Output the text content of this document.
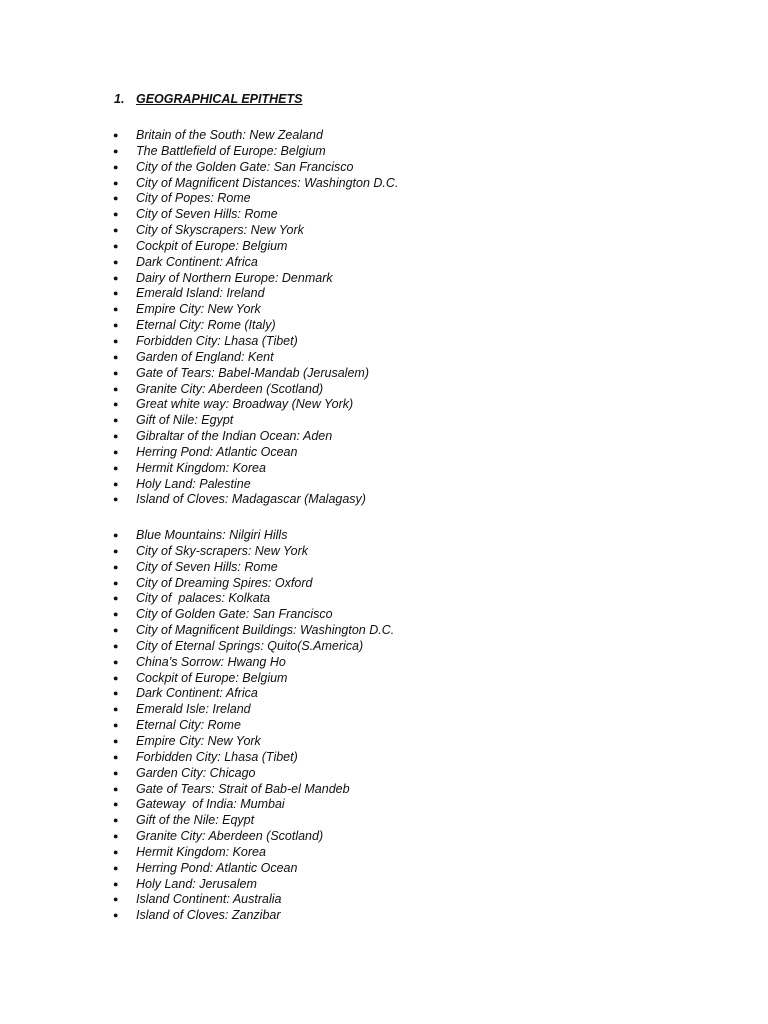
1. GEOGRAPHICAL EPITHETS
● Britain of the South: New Zealand
● The Battlefield of Europe: Belgium
● City of the Golden Gate: San Francisco
● City of Magnificent Distances: Washington D.C.
● City of Popes: Rome
● City of Seven Hills: Rome
● City of Skyscrapers: New York
● Cockpit of Europe: Belgium
● Dark Continent: Africa
● Dairy of Northern Europe: Denmark
● Emerald Island: Ireland
● Empire City: New York
● Eternal City: Rome (Italy)
● Forbidden City: Lhasa (Tibet)
● Garden of England: Kent
● Gate of Tears: Babel-Mandab (Jerusalem)
● Granite City: Aberdeen (Scotland)
● Great white way: Broadway (New York)
● Gift of Nile: Egypt
● Gibraltar of the Indian Ocean: Aden
● Herring Pond: Atlantic Ocean
● Hermit Kingdom: Korea
● Holy Land: Palestine
● Island of Cloves: Madagascar (Malagasy)
● Blue Mountains: Nilgiri Hills
● City of Sky-scrapers: New York
● City of Seven Hills: Rome
● City of Dreaming Spires: Oxford
● City of  palaces: Kolkata
● City of Golden Gate: San Francisco
● City of Magnificent Buildings: Washington D.C.
● City of Eternal Springs: Quito(S.America)
● China’s Sorrow: Hwang Ho
● Cockpit of Europe: Belgium
● Dark Continent: Africa
● Emerald Isle: Ireland
● Eternal City: Rome
● Empire City: New York
● Forbidden City: Lhasa (Tibet)
● Garden City: Chicago
● Gate of Tears: Strait of Bab-el Mandeb
● Gateway  of India: Mumbai
● Gift of the Nile: Eqypt
● Granite City: Aberdeen (Scotland)
● Hermit Kingdom: Korea
● Herring Pond: Atlantic Ocean
● Holy Land: Jerusalem
● Island Continent: Australia
● Island of Cloves: Zanzibar
